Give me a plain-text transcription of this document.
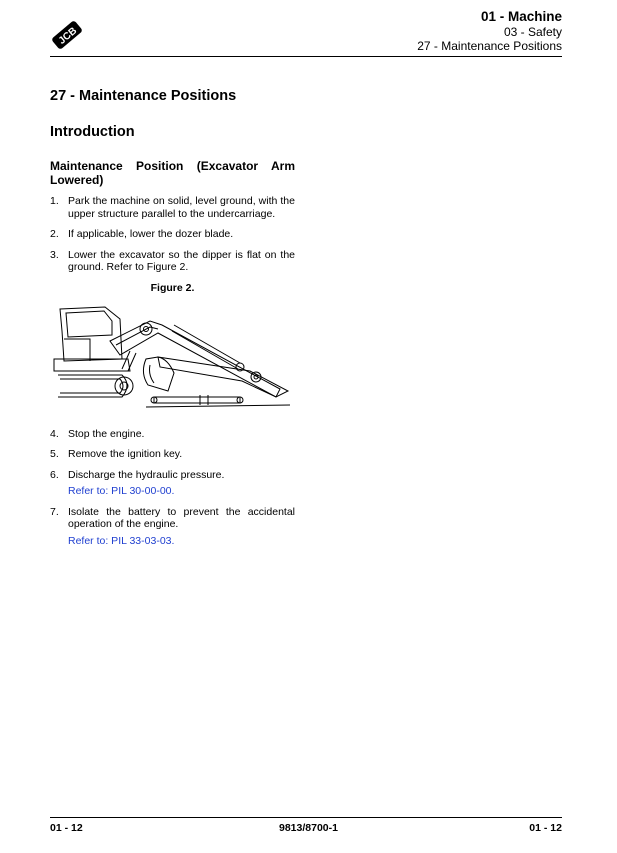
JCB
01 - Machine
03 - Safety
27 - Maintenance Positions
27 - Maintenance Positions
Introduction
Maintenance Position (Excavator Arm Lowered)
1. Park the machine on solid, level ground, with the upper structure parallel to the undercarriage.
2. If applicable, lower the dozer blade.
3. Lower the excavator so the dipper is flat on the ground. Refer to Figure 2.
Figure 2.
4. Stop the engine.
5. Remove the ignition key.
6. Discharge the hydraulic pressure.
Refer to: PIL 30-00-00.
7. Isolate the battery to prevent the accidental operation of the engine.
Refer to: PIL 33-03-03.
01 - 12	9813/8700-1	01 - 12
